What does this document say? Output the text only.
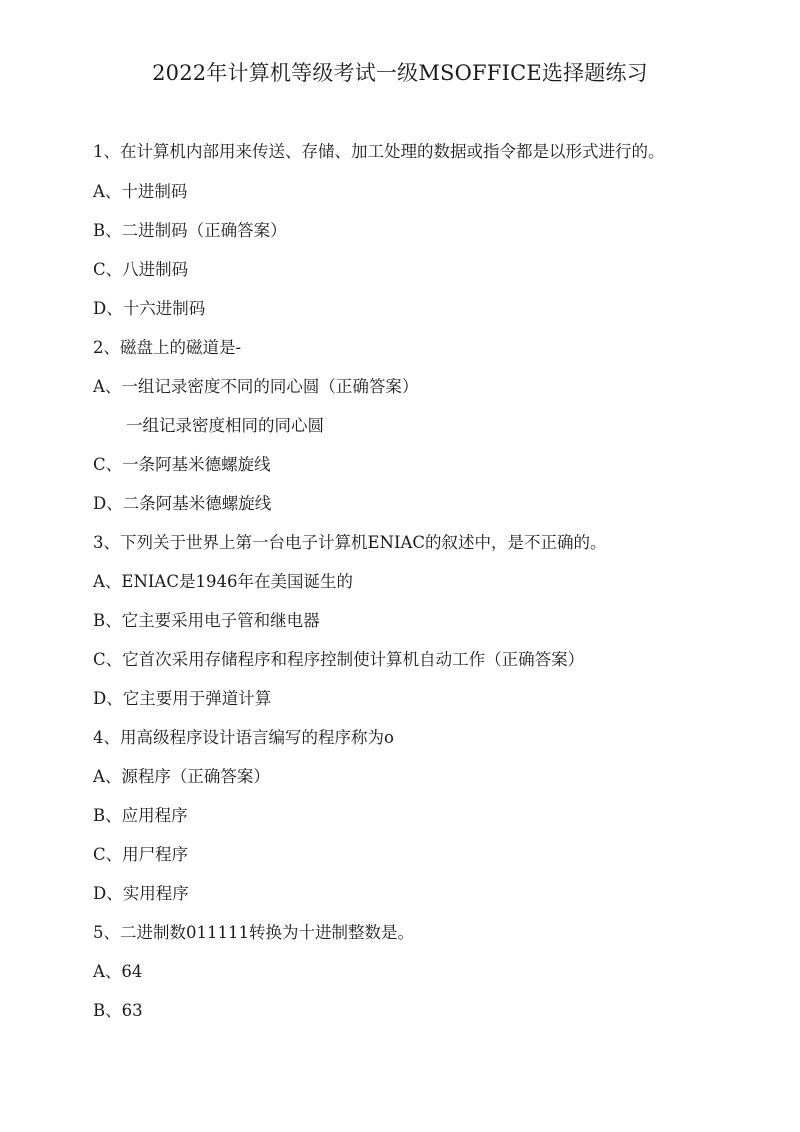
2022年计算机等级考试一级MSOFFICE选择题练习
1、在计算机内部用来传送、存储、加工处理的数据或指令都是以形式进行的。
A、十进制码
B、二进制码（正确答案）
C、八进制码
D、十六进制码
2、磁盘上的磁道是-
A、一组记录密度不同的同心圆（正确答案）
一组记录密度相同的同心圆
C、一条阿基米德螺旋线
D、二条阿基米德螺旋线
3、下列关于世界上第一台电子计算机ENIAC的叙述中，是不正确的。
A、ENIAC是1946年在美国诞生的
B、它主要采用电子管和继电器
C、它首次采用存储程序和程序控制使计算机自动工作（正确答案）
D、它主要用于弹道计算
4、用高级程序设计语言编写的程序称为o
A、源程序（正确答案）
B、应用程序
C、用尸程序
D、实用程序
5、二进制数011111转换为十进制整数是。
A、64
B、63
